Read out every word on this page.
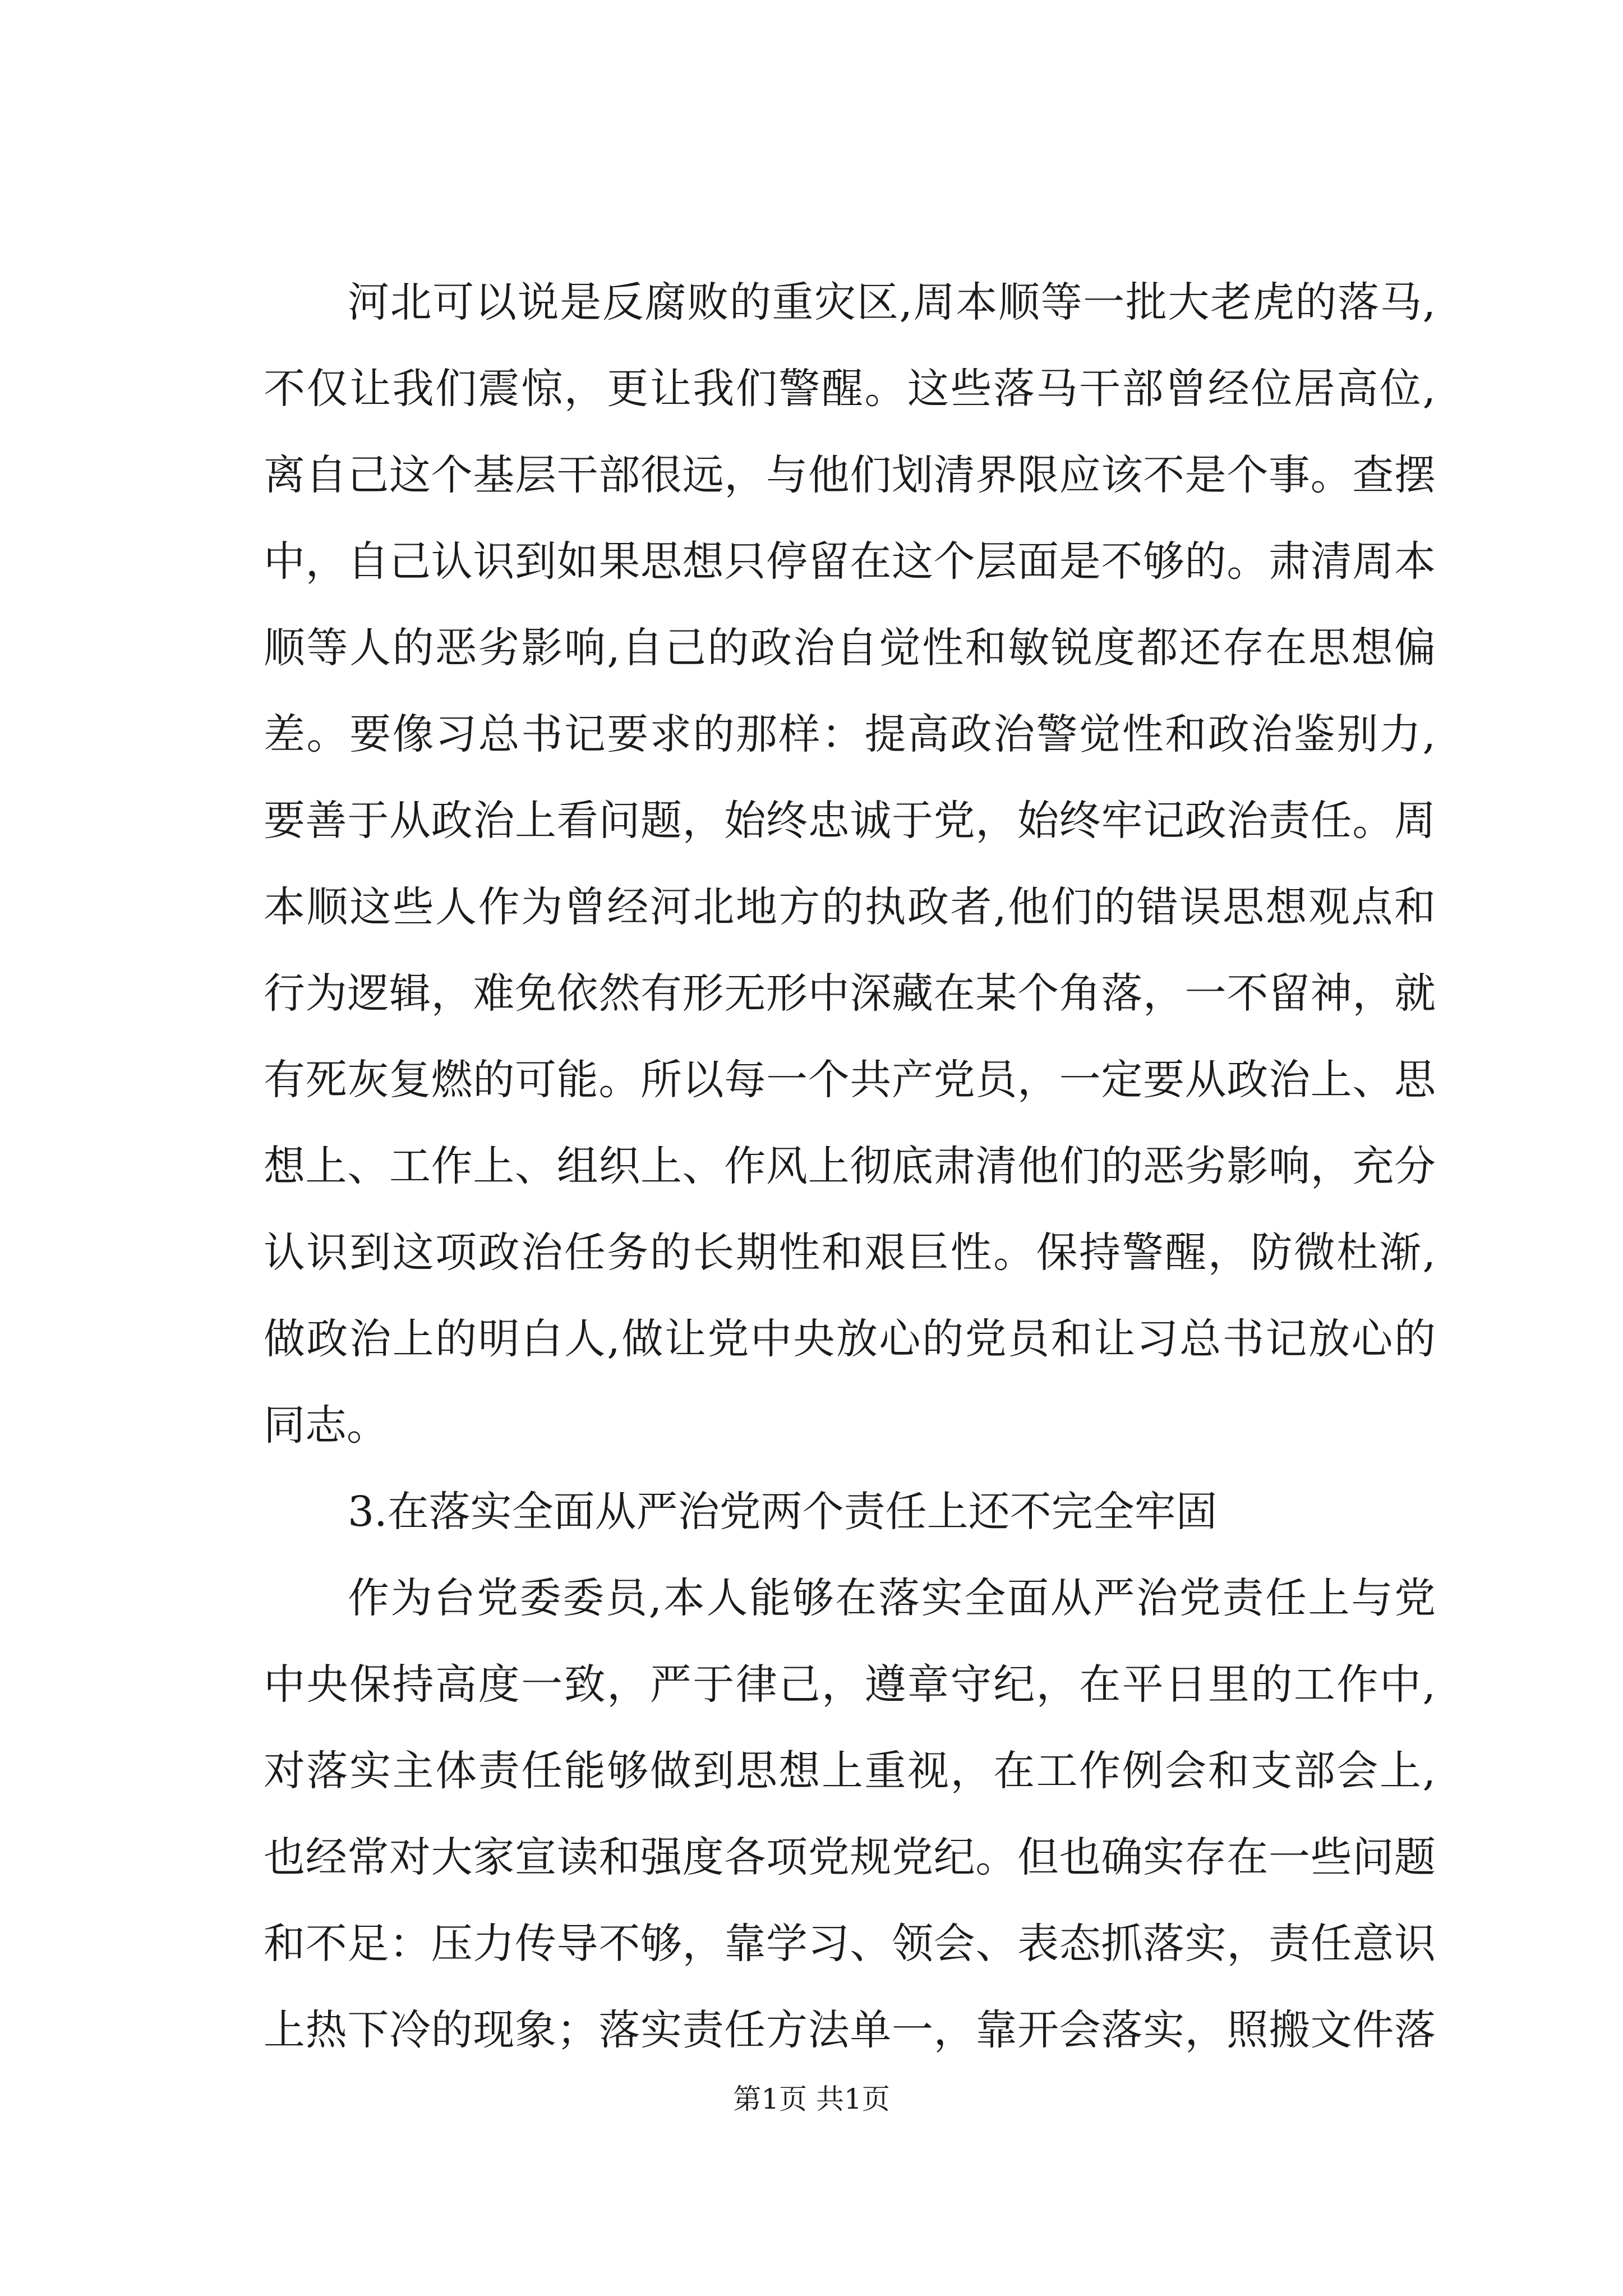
河北可以说是反腐败的重灾区,周本顺等一批大老虎的落马,
不仅让我们震惊，更让我们警醒。这些落马干部曾经位居高位,
离自己这个基层干部很远，与他们划清界限应该不是个事。查摆
中，自己认识到如果思想只停留在这个层面是不够的。肃清周本
顺等人的恶劣影响,自己的政治自觉性和敏锐度都还存在思想偏
差。要像习总书记要求的那样：提高政治警觉性和政治鉴别力,
要善于从政治上看问题，始终忠诚于党，始终牢记政治责任。周
本顺这些人作为曾经河北地方的执政者,他们的错误思想观点和
行为逻辑，难免依然有形无形中深藏在某个角落，一不留神，就
有死灰复燃的可能。所以每一个共产党员，一定要从政治上、思
想上、工作上、组织上、作风上彻底肃清他们的恶劣影响，充分
认识到这项政治任务的长期性和艰巨性。保持警醒，防微杜渐,
做政治上的明白人,做让党中央放心的党员和让习总书记放心的
同志。
3.在落实全面从严治党两个责任上还不完全牢固
作为台党委委员,本人能够在落实全面从严治党责任上与党
中央保持高度一致，严于律己，遵章守纪，在平日里的工作中,
对落实主体责任能够做到思想上重视，在工作例会和支部会上,
也经常对大家宣读和强度各项党规党纪。但也确实存在一些问题
和不足：压力传导不够，靠学习、领会、表态抓落实，责任意识
上热下冷的现象；落实责任方法单一，靠开会落实，照搬文件落
第1页 共1页
